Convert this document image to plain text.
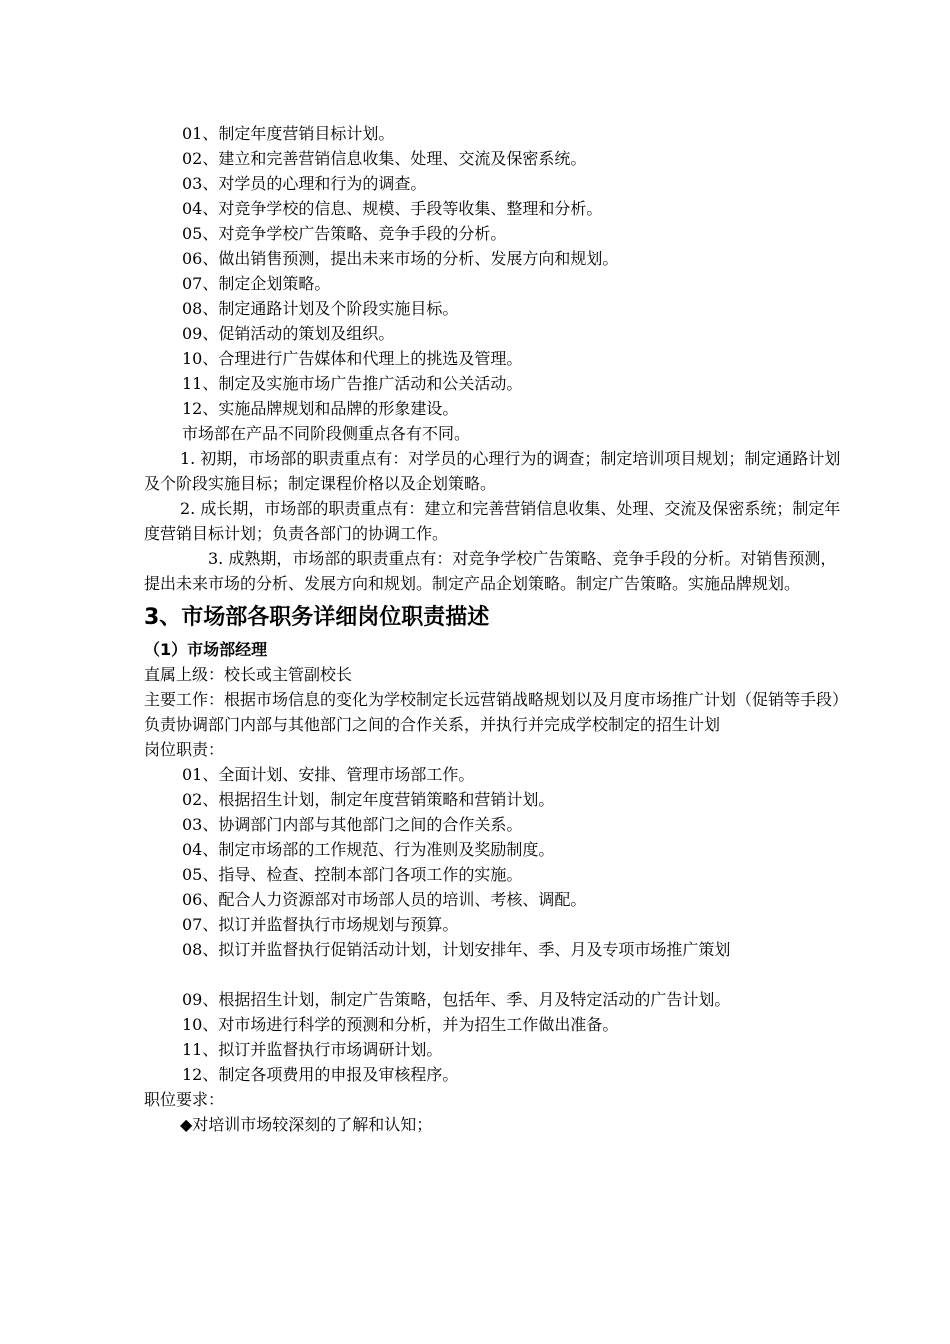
01、制定年度营销目标计划。
02、建立和完善营销信息收集、处理、交流及保密系统。
03、对学员的心理和行为的调查。
04、对竞争学校的信息、规模、手段等收集、整理和分析。
05、对竞争学校广告策略、竞争手段的分析。
06、做出销售预测，提出未来市场的分析、发展方向和规划。
07、制定企划策略。
08、制定通路计划及个阶段实施目标。
09、促销活动的策划及组织。
10、合理进行广告媒体和代理上的挑选及管理。
11、制定及实施市场广告推广活动和公关活动。
12、实施品牌规划和品牌的形象建设。
市场部在产品不同阶段侧重点各有不同。
1. 初期，市场部的职责重点有：对学员的心理行为的调查；制定培训项目规划；制定通路计划及个阶段实施目标；制定课程价格以及企划策略。
2. 成长期，市场部的职责重点有：建立和完善营销信息收集、处理、交流及保密系统；制定年度营销目标计划；负责各部门的协调工作。
3. 成熟期，市场部的职责重点有：对竞争学校广告策略、竞争手段的分析。对销售预测，提出未来市场的分析、发展方向和规划。制定产品企划策略。制定广告策略。实施品牌规划。
3、市场部各职务详细岗位职责描述
（1）市场部经理
直属上级：校长或主管副校长
主要工作：根据市场信息的变化为学校制定长远营销战略规划以及月度市场推广计划（促销等手段）负责协调部门内部与其他部门之间的合作关系，并执行并完成学校制定的招生计划
岗位职责：
01、全面计划、安排、管理市场部工作。
02、根据招生计划，制定年度营销策略和营销计划。
03、协调部门内部与其他部门之间的合作关系。
04、制定市场部的工作规范、行为准则及奖励制度。
05、指导、检查、控制本部门各项工作的实施。
06、配合人力资源部对市场部人员的培训、考核、调配。
07、拟订并监督执行市场规划与预算。
08、拟订并监督执行促销活动计划，计划安排年、季、月及专项市场推广策划
09、根据招生计划，制定广告策略，包括年、季、月及特定活动的广告计划。
10、对市场进行科学的预测和分析，并为招生工作做出准备。
11、拟订并监督执行市场调研计划。
12、制定各项费用的申报及审核程序。
职位要求：
◆对培训市场较深刻的了解和认知；
